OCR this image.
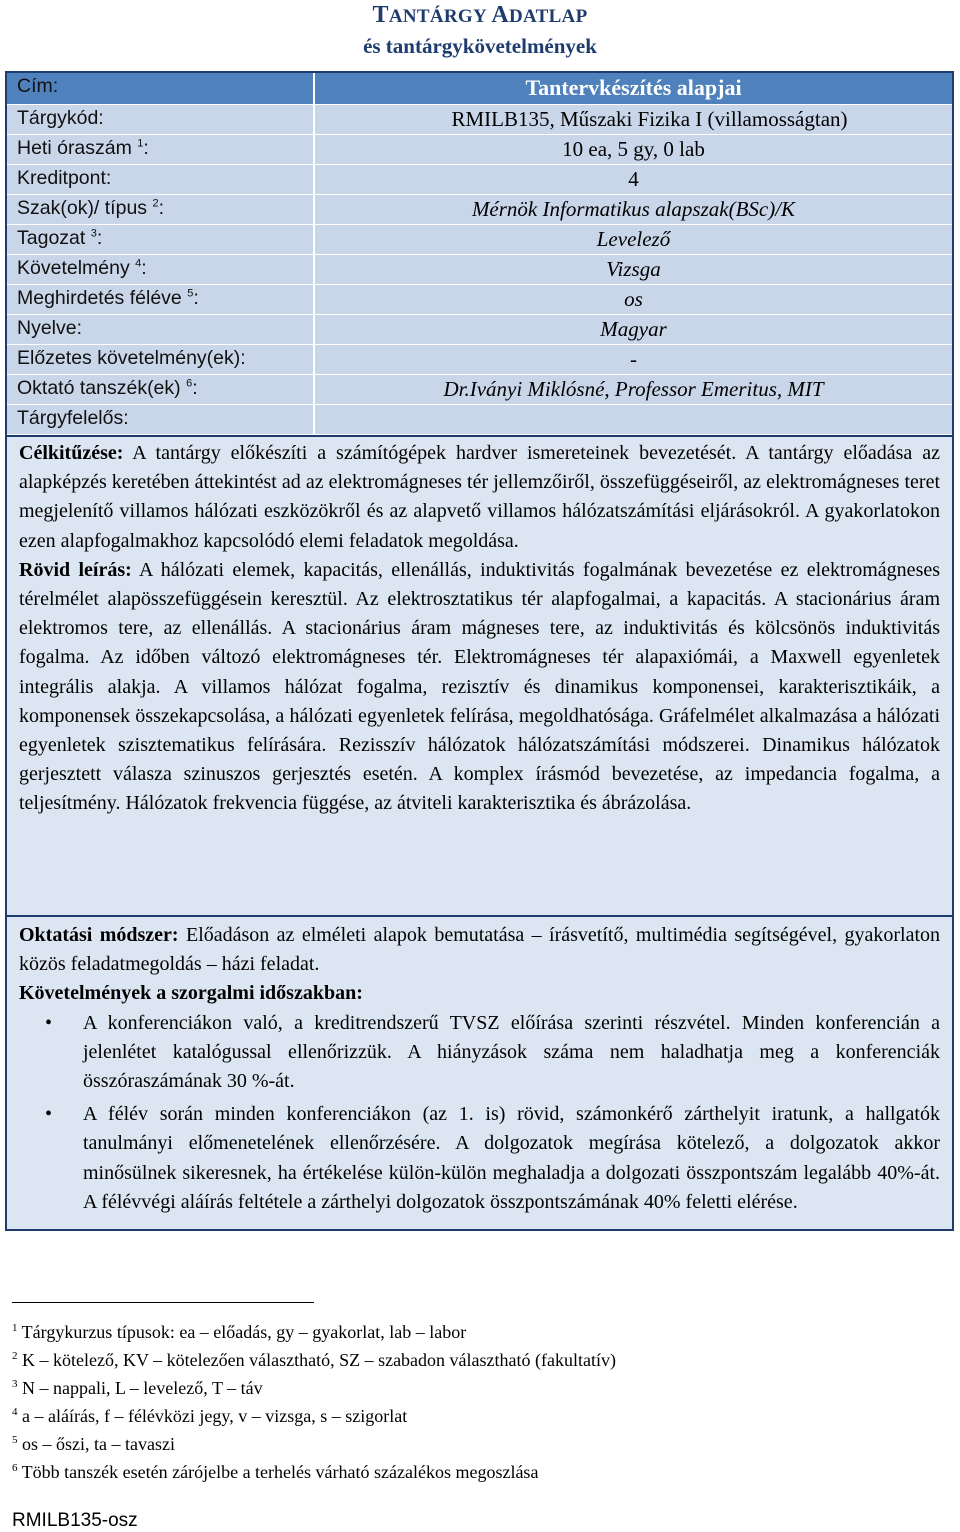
TANTÁRGY ADATLAP
és tantárgykövetelmények
Cím:	Tantervkészítés alapjai
Tárgykód:	RMILB135, Műszaki Fizika I (villamosságtan)
Heti óraszám $^1$:	10 ea, 5 gy, 0 lab
Kreditpont:	4
Szak(ok)/ típus $^2$:	Mérnök Informatikus alapszak(BSc)/K
Tagozat $^3$:	Levelező
Követelmény $^4$:	Vizsga
Meghirdetés féléve $^5$:	os
Nyelve:	Magyar
Előzetes követelmény(ek):	-
Oktató tanszék(ek) $^6$:	Dr.Iványi Miklósné, Professor Emeritus, MIT
Tárgyfelelős:

Célkitűzése: A tantárgy előkészíti a számítógépek hardver ismereteinek bevezetését. A tantárgy előadása az alapképzés keretében áttekintést ad az elektromágneses tér jellemzőiről, összefüggéseiről, az elektromágneses teret megjelenítő villamos hálózati eszközökről és az alapvető villamos hálózatszámítási eljárásokról. A gyakorlatokon ezen alapfogalmakhoz kapcsolódó elemi feladatok megoldása.

Rövid leírás: A hálózati elemek, kapacitás, ellenállás, induktivitás fogalmának bevezetése ez elektromágneses térelmélet alapösszefüggésein keresztül. Az elektrosztatikus tér alapfogalmai, a kapacitás. A stacionárius áram elektromos tere, az ellenállás. A stacionárius áram mágneses tere, az induktivitás és kölcsönös induktivitás fogalma. Az időben változó elektromágneses tér. Elektromágneses tér alapaxiómái, a Maxwell egyenletek integrális alakja. A villamos hálózat fogalma, rezisztív és dinamikus komponensei, karakterisztikáik, a komponensek összekapcsolása, a hálózati egyenletek felírása, megoldhatósága. Gráfelmélet alkalmazása a hálózati egyenletek szisztematikus felírására. Rezisszív hálózatok hálózatszámítási módszerei. Dinamikus hálózatok gerjesztett válasza szinuszos gerjesztés esetén. A komplex írásmód bevezetése, az impedancia fogalma, a teljesítmény. Hálózatok frekvencia függése, az átviteli karakterisztika és ábrázolása.

Oktatási módszer: Előadáson az elméleti alapok bemutatása – írásvetítő, multimédia segítségével, gyakorlaton közös feladatmegoldás – házi feladat.

Követelmények a szorgalmi időszakban:

• A konferenciákon való, a kreditrendszerű TVSZ előírása szerinti részvétel. Minden konferencián a jelenlétet katalógussal ellenőrizzük. A hiányzások száma nem haladhatja meg a konferenciák összóraszámának 30 %-át.
• A félév során minden konferenciákon (az 1. is) rövid, számonkérő zárthelyit iratunk, a hallgatók tanulmányi előmenetelének ellenőrzésére. A dolgozatok megírása kötelező, a dolgozatok akkor minősülnek sikeresnek, ha értékelése külön-külön meghaladja a dolgozati összpontszám legalább 40%-át. A félévvégi aláírás feltétele a zárthelyi dolgozatok összpontszámának 40% feletti elérése.
$^1$ Tárgykurzus típusok: ea – előadás, gy – gyakorlat, lab – labor
$^2$ K – kötelező, KV – kötelezően választható, SZ – szabadon választható (fakultatív)
$^3$ N – nappali, L – levelező, T – táv
$^4$ a – aláírás, f – félévközi jegy, v – vizsga, s – szigorlat
$^5$ os – őszi, ta – tavaszi
$^6$ Több tanszék esetén zárójelbe a terhelés várható százalékos megoszlása
RMILB135-osz
